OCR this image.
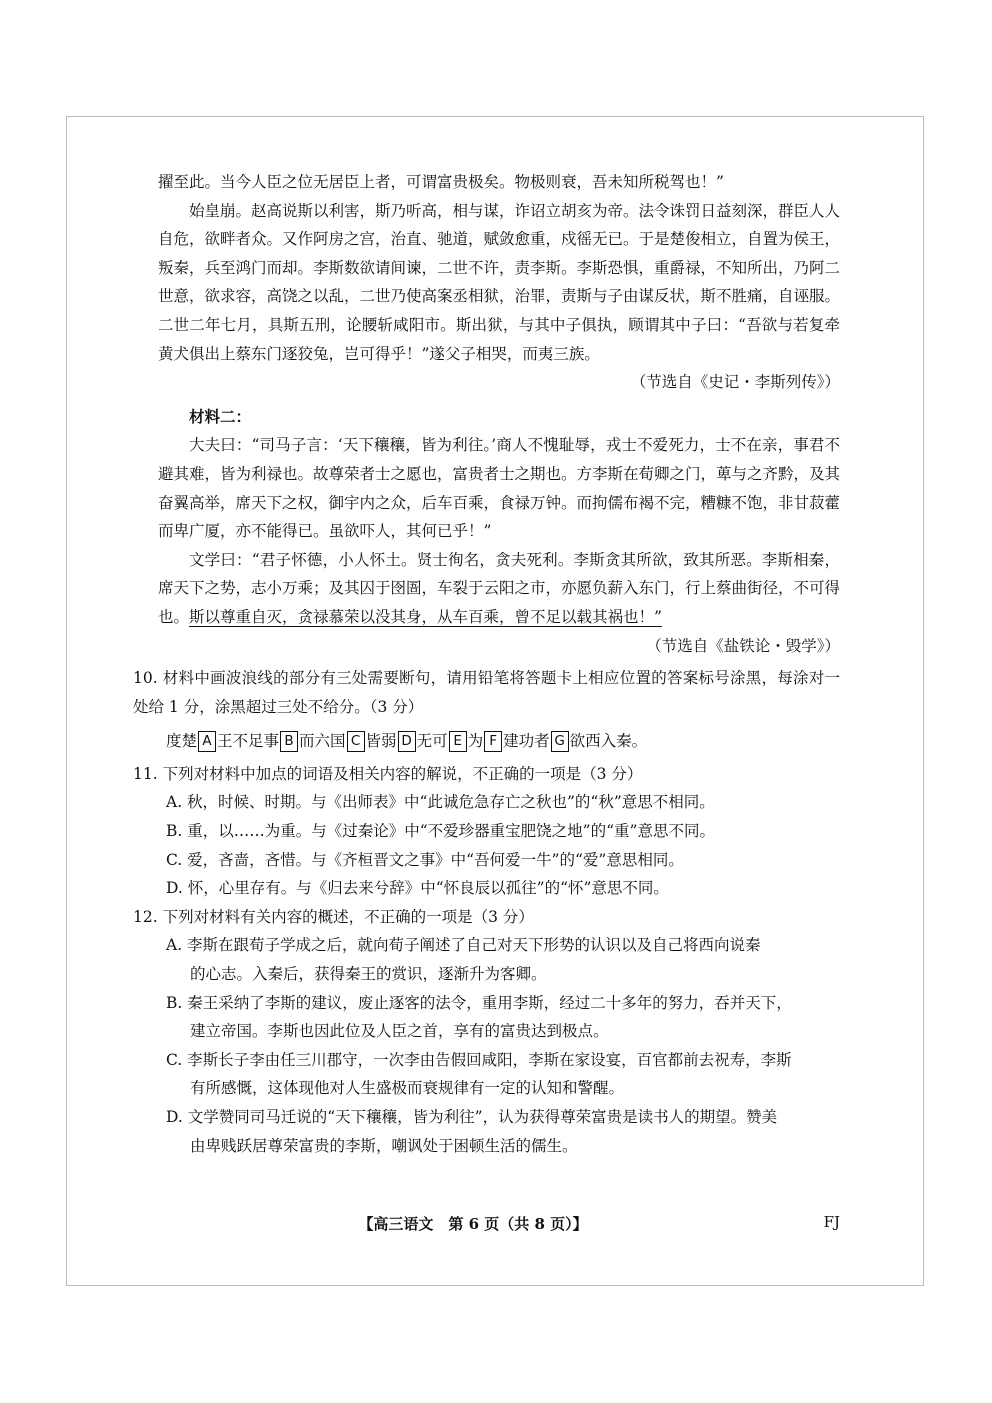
擢至此。当今人臣之位无居臣上者，可谓富贵极矣。物极则衰，吾未知所税驾也！”

始皇崩。赵高说斯以利害，斯乃听高，相与谋，诈诏立胡亥为帝。法令诛罚日益刻深，群臣人人自危，欲畔者众。又作阿房之宫，治直、驰道，赋敛愈重，戍徭无已。于是楚俊相立，自置为侯王，叛秦，兵至鸿门而却。李斯数欲请间谏，二世不许，责李斯。李斯恐惧，重爵禄，不知所出，乃阿二世意，欲求容，高饶之以乱，二世乃使高案丞相狱，治罪，责斯与子由谋反状，斯不胜痛，自诬服。二世二年七月，具斯五刑，论腰斩咸阳市。斯出狱，与其中子俱执，顾谓其中子曰：“吾欲与若复牵黄犬俱出上蔡东门逐狡兔，岂可得乎！”遂父子相哭，而夷三族。

（节选自《史记・李斯列传》）

材料二：

大夫曰：“司马子言：‘天下穰穰，皆为利往。’商人不愧耻辱，戎士不爱死力，士不在亲，事君不避其难，皆为利禄也。故尊荣者士之愿也，富贵者士之期也。方李斯在荀卿之门，萆与之齐黔，及其奋翼高举，席天下之权，御宇内之众，后车百乘，食禄万钟。而拘儒布褐不完，糟糠不饱，非甘菽藿而卑广厦，亦不能得已。虽欲吓人，其何已乎！”

文学曰：“君子怀德，小人怀土。贤士徇名，贪夫死利。李斯贪其所欲，致其所恶。李斯相秦，席天下之势，志小万乘；及其囚于囹圄，车裂于云阳之市，亦愿负薪入东门，行上蔡曲街径，不可得也。斯以尊重自灭，贪禄慕荣以没其身，从车百乘，曾不足以载其祸也！”

（节选自《盐铁论・毁学》）

10. 材料中画波浪线的部分有三处需要断句，请用铅笔将答题卡上相应位置的答案标号涂黑，每涂对一处给 1 分，涂黑超过三处不给分。（3 分）

度楚 A 王不足事 B 而六国 C 皆弱 D 无可 E 为 F 建功者 G 欲西入秦。

11. 下列对材料中加点的词语及相关内容的解说，不正确的一项是（3 分）

A. 秋，时候、时期。与《出师表》中“此诚危急存亡之秋也”的“秋”意思不相同。

B. 重，以……为重。与《过秦论》中“不爱珍器重宝肥饶之地”的“重”意思不同。

C. 爱，吝啬，吝惜。与《齐桓晋文之事》中“吾何爱一牛”的“爱”意思相同。

D. 怀，心里存有。与《归去来兮辞》中“怀良辰以孤往”的“怀”意思不同。

12. 下列对材料有关内容的概述，不正确的一项是（3 分）

A. 李斯在跟荀子学成之后，就向荀子阐述了自己对天下形势的认识以及自己将西向说秦

的心志。入秦后，获得秦王的赏识，逐渐升为客卿。

B. 秦王采纳了李斯的建议，废止逐客的法令，重用李斯，经过二十多年的努力，吞并天下，

建立帝国。李斯也因此位及人臣之首，享有的富贵达到极点。

C. 李斯长子李由任三川郡守，一次李由告假回咸阳，李斯在家设宴，百官都前去祝寿，李斯

有所感慨，这体现他对人生盛极而衰规律有一定的认知和警醒。

D. 文学赞同司马迁说的“天下穰穰，皆为利往”，认为获得尊荣富贵是读书人的期望。赞美

由卑贱跃居尊荣富贵的李斯，嘲讽处于困顿生活的儒生。

【高三语文　第 6 页（共 8 页）】	FJ
